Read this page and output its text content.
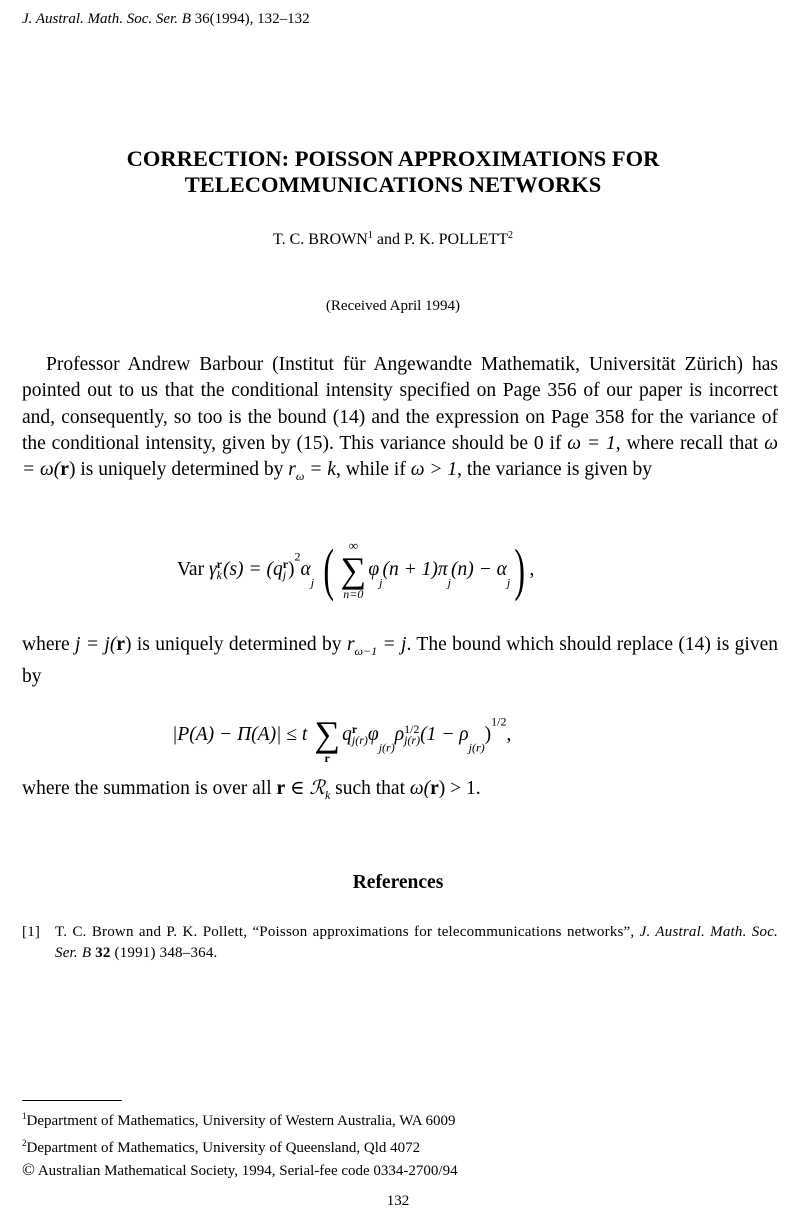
J. Austral. Math. Soc. Ser. B 36(1994), 132–132
CORRECTION: POISSON APPROXIMATIONS FOR
TELECOMMUNICATIONS NETWORKS
T. C. BROWN$^1$ and P. K. POLLETT$^2$
(Received April 1994)

Professor Andrew Barbour (Institut für Angewandte Mathematik, Universität Zürich) has pointed out to us that the conditional intensity specified on Page 356 of our paper is incorrect and, consequently, so too is the bound (14) and the expression on Page 358 for the variance of the conditional intensity, given by (15). This variance should be 0 if ω = 1, where recall that ω = ω(r) is uniquely determined by $r_\omega = k$, while if ω > 1, the variance is given by

Var γ r
k (s) = (q r
j )$^2\alpha_j$ (	∞
∑
n=0
$\varphi_j(n + 1)\pi_j(n) - \alpha_j$) ,

where j = j(r) is uniquely determined by $r_{\omega-1} = j$. The bound which should replace (14) is given by

|P(A) − Π(A)| ≤ t ∑
r
q r
j(r) $\varphi_{j(r)}\rho$ 1/2
j(r) $(1 - \rho_{j(r)})^{1/2}$,

where the summation is over all r ∈ ℛ$_k$ such that ω(r) > 1.

References
[1] T. C. Brown and P. K. Pollett, “Poisson approximations for telecommunications networks”, J. Austral. Math. Soc. Ser. B 32 (1991) 348–364.
$^1$Department of Mathematics, University of Western Australia, WA 6009
$^2$Department of Mathematics, University of Queensland, Qld 4072
© Australian Mathematical Society, 1994, Serial-fee code 0334-2700/94
132
